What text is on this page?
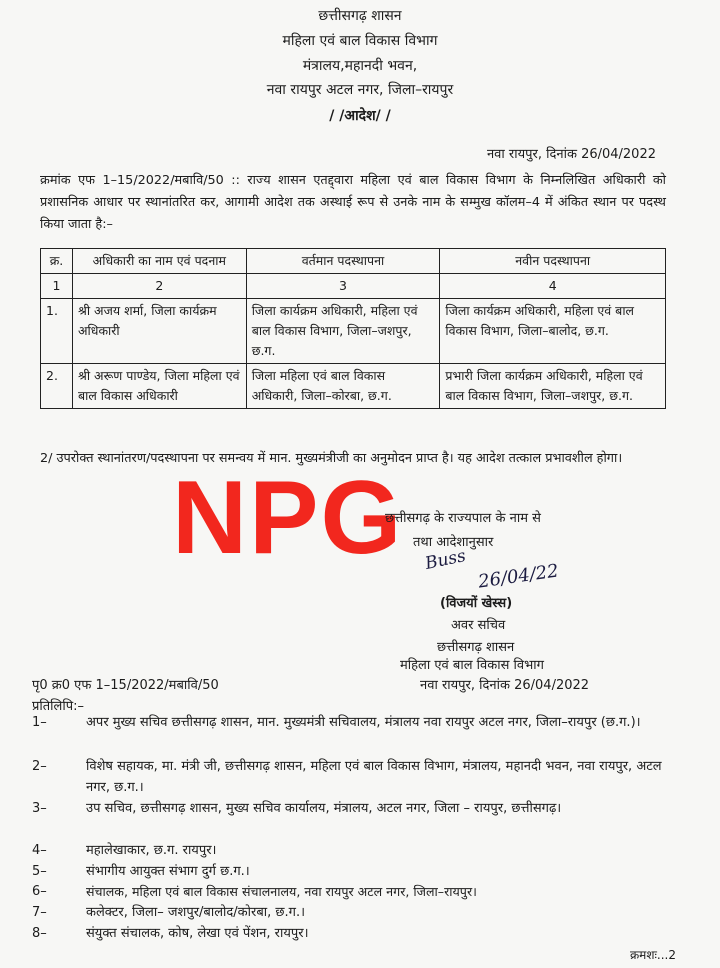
छत्तीसगढ़ शासन
महिला एवं बाल विकास विभाग
मंत्रालय,महानदी भवन,
नवा रायपुर अटल नगर, जिला–रायपुर
/ /आदेश/ /
नवा रायपुर, दिनांक 26/04/2022
क्रमांक एफ 1–15/2022/मबावि/50 :: राज्य शासन एतद्द्वारा महिला एवं बाल विकास विभाग के निम्नलिखित अधिकारी को प्रशासनिक आधार पर स्थानांतरित कर, आगामी आदेश तक अस्थाई रूप से उनके नाम के सम्मुख कॉलम–4 में अंकित स्थान पर पदस्थ किया जाता है:–
क्र.	अधिकारी का नाम एवं पदनाम	वर्तमान पदस्थापना	नवीन पदस्थापना
1	2	3	4
1.	श्री अजय शर्मा, जिला कार्यक्रम अधिकारी	जिला कार्यक्रम अधिकारी, महिला एवं बाल विकास विभाग, जिला–जशपुर, छ.ग.	जिला कार्यक्रम अधिकारी, महिला एवं बाल विकास विभाग, जिला–बालोद, छ.ग.
2.	श्री अरूण पाण्डेय, जिला महिला एवं बाल विकास अधिकारी	जिला महिला एवं बाल विकास अधिकारी, जिला–कोरबा, छ.ग.	प्रभारी जिला कार्यक्रम अधिकारी, महिला एवं बाल विकास विभाग, जिला–जशपुर, छ.ग.
2/ उपरोक्त स्थानांतरण/पदस्थापना पर समन्वय में मान. मुख्यमंत्रीजी का अनुमोदन प्राप्त है। यह आदेश तत्काल प्रभावशील होगा।
NPG
छत्तीसगढ़ के राज्यपाल के नाम से
तथा आदेशानुसार
Buss
26/04/22
(विजयों खेस्स)
अवर सचिव
छत्तीसगढ़ शासन
महिला एवं बाल विकास विभाग
पृ0 क्र0 एफ 1–15/2022/मबावि/50	नवा रायपुर, दिनांक 26/04/2022
प्रतिलिपि:–
1–	अपर मुख्य सचिव छत्तीसगढ़ शासन, मान. मुख्यमंत्री सचिवालय, मंत्रालय नवा रायपुर अटल नगर, जिला–रायपुर (छ.ग.)।
2–	विशेष सहायक, मा. मंत्री जी, छत्तीसगढ़ शासन, महिला एवं बाल विकास विभाग, मंत्रालय, महानदी भवन, नवा रायपुर, अटल नगर, छ.ग.।
3–	उप सचिव, छत्तीसगढ़ शासन, मुख्य सचिव कार्यालय, मंत्रालय, अटल नगर, जिला – रायपुर, छत्तीसगढ़।
4–	महालेखाकार, छ.ग. रायपुर।
5–	संभागीय आयुक्त संभाग दुर्ग छ.ग.।
6–	संचालक, महिला एवं बाल विकास संचालनालय, नवा रायपुर अटल नगर, जिला–रायपुर।
7–	कलेक्टर, जिला– जशपुर/बालोद/कोरबा, छ.ग.।
8–	संयुक्त संचालक, कोष, लेखा एवं पेंशन, रायपुर।
क्रमशः...2
